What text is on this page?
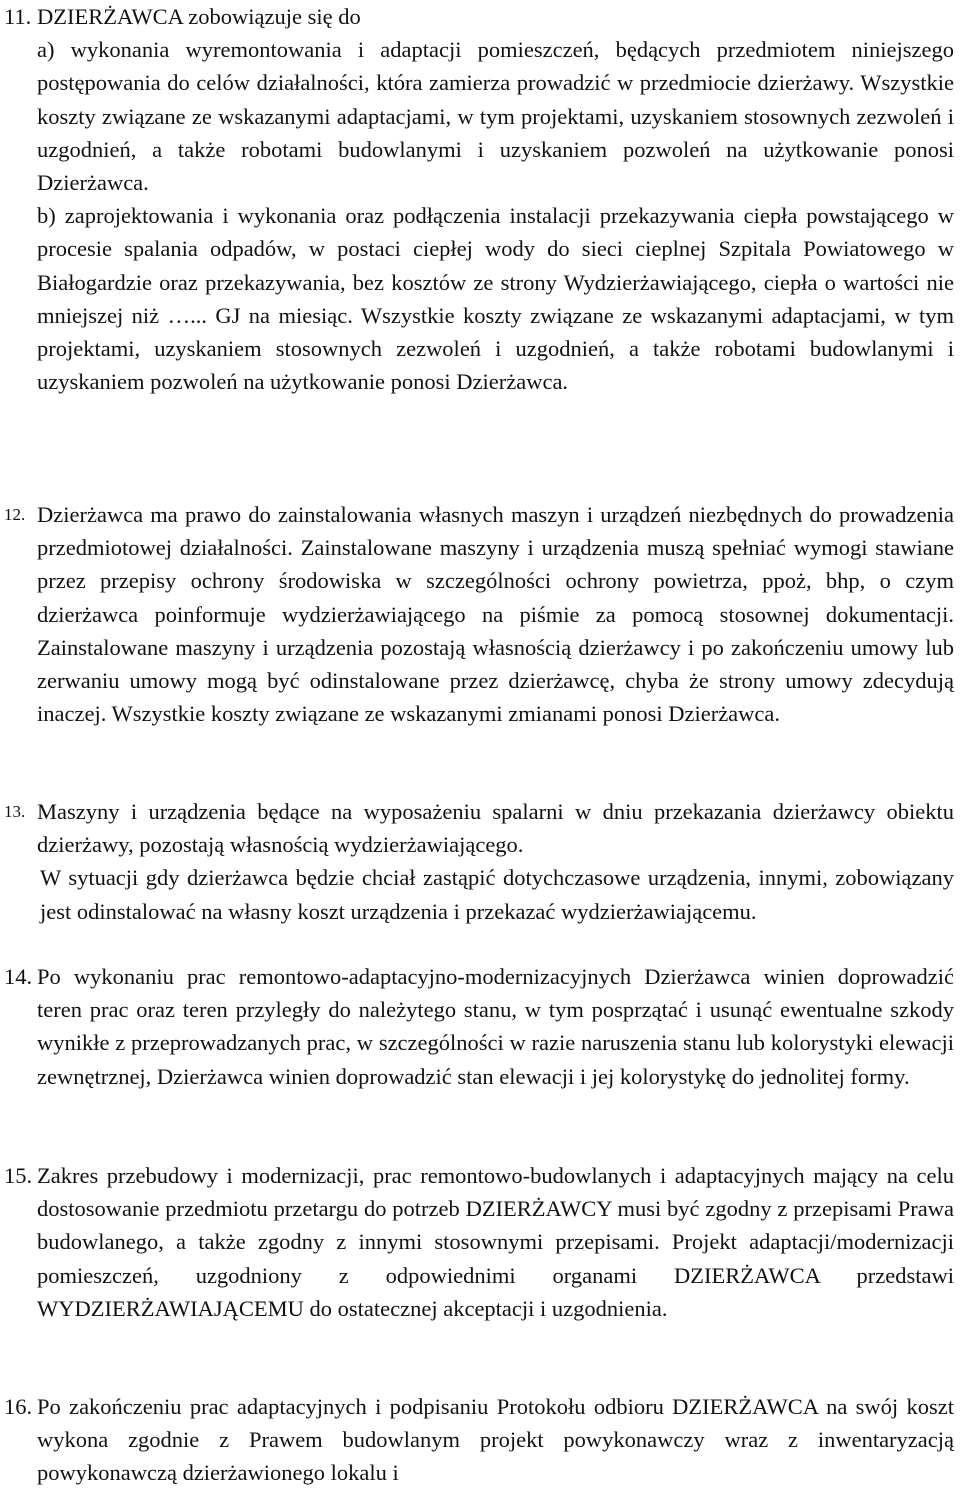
11. DZIERŻAWCA zobowiązuje się do

a) wykonania wyremontowania i adaptacji pomieszczeń, będących przedmiotem niniejszego postępowania do celów działalności, która zamierza prowadzić w przedmiocie dzierżawy. Wszystkie koszty związane ze wskazanymi adaptacjami, w tym projektami, uzyskaniem stosownych zezwoleń i uzgodnień, a także robotami budowlanymi i uzyskaniem pozwoleń na użytkowanie ponosi Dzierżawca.

b) zaprojektowania i wykonania oraz podłączenia instalacji przekazywania ciepła powstającego w procesie spalania odpadów, w postaci ciepłej wody do sieci cieplnej Szpitala Powiatowego w Białogardzie oraz przekazywania, bez kosztów ze strony Wydzierżawiającego, ciepła o wartości nie mniejszej niż …... GJ na miesiąc. Wszystkie koszty związane ze wskazanymi adaptacjami, w tym projektami, uzyskaniem stosownych zezwoleń i uzgodnień, a także robotami budowlanymi i uzyskaniem pozwoleń na użytkowanie ponosi Dzierżawca.

12. Dzierżawca ma prawo do zainstalowania własnych maszyn i urządzeń niezbędnych do prowadzenia przedmiotowej działalności. Zainstalowane maszyny i urządzenia muszą spełniać wymogi stawiane przez przepisy ochrony środowiska w szczególności ochrony powietrza, ppoż, bhp, o czym dzierżawca poinformuje wydzierżawiającego na piśmie za pomocą stosownej dokumentacji. Zainstalowane maszyny i urządzenia pozostają własnością dzierżawcy i po zakończeniu umowy lub zerwaniu umowy mogą być odinstalowane przez dzierżawcę, chyba że strony umowy zdecydują inaczej. Wszystkie koszty związane ze wskazanymi zmianami ponosi Dzierżawca.

13. Maszyny i urządzenia będące na wyposażeniu spalarni w dniu przekazania dzierżawcy obiektu dzierżawy, pozostają własnością wydzierżawiającego.

W sytuacji gdy dzierżawca będzie chciał zastąpić dotychczasowe urządzenia, innymi, zobowiązany jest odinstalować na własny koszt urządzenia i przekazać wydzierżawiającemu.

14. Po wykonaniu prac remontowo-adaptacyjno-modernizacyjnych Dzierżawca winien doprowadzić teren prac oraz teren przyległy do należytego stanu, w tym posprzątać i usunąć ewentualne szkody wynikłe z przeprowadzanych prac, w szczególności w razie naruszenia stanu lub kolorystyki elewacji zewnętrznej, Dzierżawca winien doprowadzić stan elewacji i jej kolorystykę do jednolitej formy.

15. Zakres przebudowy i modernizacji, prac remontowo-budowlanych i adaptacyjnych mający na celu dostosowanie przedmiotu przetargu do potrzeb DZIERŻAWCY musi być zgodny z przepisami Prawa budowlanego, a także zgodny z innymi stosownymi przepisami. Projekt adaptacji/modernizacji pomieszczeń, uzgodniony z odpowiednimi organami DZIERŻAWCA przedstawi WYDZIERŻAWIAJĄCEMU do ostatecznej akceptacji i uzgodnienia.

16. Po zakończeniu prac adaptacyjnych i podpisaniu Protokołu odbioru DZIERŻAWCA na swój koszt wykona zgodnie z Prawem budowlanym projekt powykonawczy wraz z inwentaryzacją powykonawczą dzierżawionego lokalu i
